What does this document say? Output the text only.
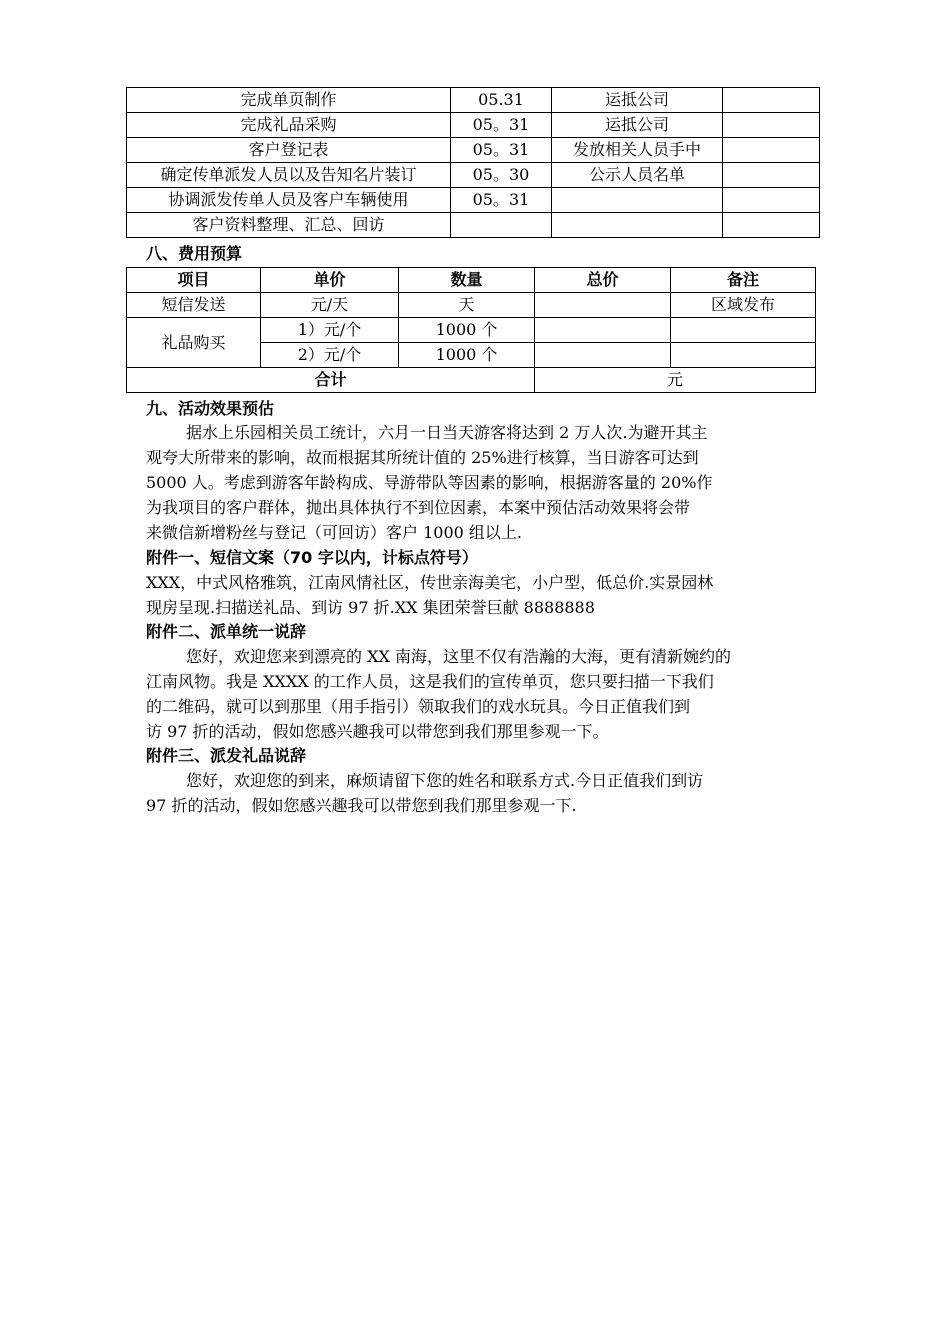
完成单页制作	05.31	运抵公司	
完成礼品采购	05。31	运抵公司	
客户登记表	05。31	发放相关人员手中	
确定传单派发人员以及告知名片装订	05。30	公示人员名单	
协调派发传单人员及客户车辆使用	05。31		
客户资料整理、汇总、回访			
八、费用预算
项目	单价	数量	总价	备注
短信发送	元/天	天		区域发布
礼品购买	1）元/个	1000 个		
	2）元/个	1000 个		
合计			元	
九、活动效果预估
据水上乐园相关员工统计，六月一日当天游客将达到 2 万人次.为避开其主
观夸大所带来的影响，故而根据其所统计值的 25%进行核算，当日游客可达到
5000 人。考虑到游客年龄构成、导游带队等因素的影响，根据游客量的 20%作
为我项目的客户群体，抛出具体执行不到位因素，本案中预估活动效果将会带
来微信新增粉丝与登记（可回访）客户 1000 组以上.
附件一、短信文案（70 字以内，计标点符号）
XXX，中式风格雅筑，江南风情社区，传世亲海美宅，小户型，低总价.实景园林
现房呈现.扫描送礼品、到访 97 折.XX 集团荣誉巨献 8888888
附件二、派单统一说辞
您好，欢迎您来到漂亮的 XX 南海，这里不仅有浩瀚的大海，更有清新婉约的
江南风物。我是 XXXX 的工作人员，这是我们的宣传单页，您只要扫描一下我们
的二维码，就可以到那里（用手指引）领取我们的戏水玩具。今日正值我们到
访 97 折的活动，假如您感兴趣我可以带您到我们那里参观一下。
附件三、派发礼品说辞
您好，欢迎您的到来，麻烦请留下您的姓名和联系方式.今日正值我们到访
97 折的活动，假如您感兴趣我可以带您到我们那里参观一下.
